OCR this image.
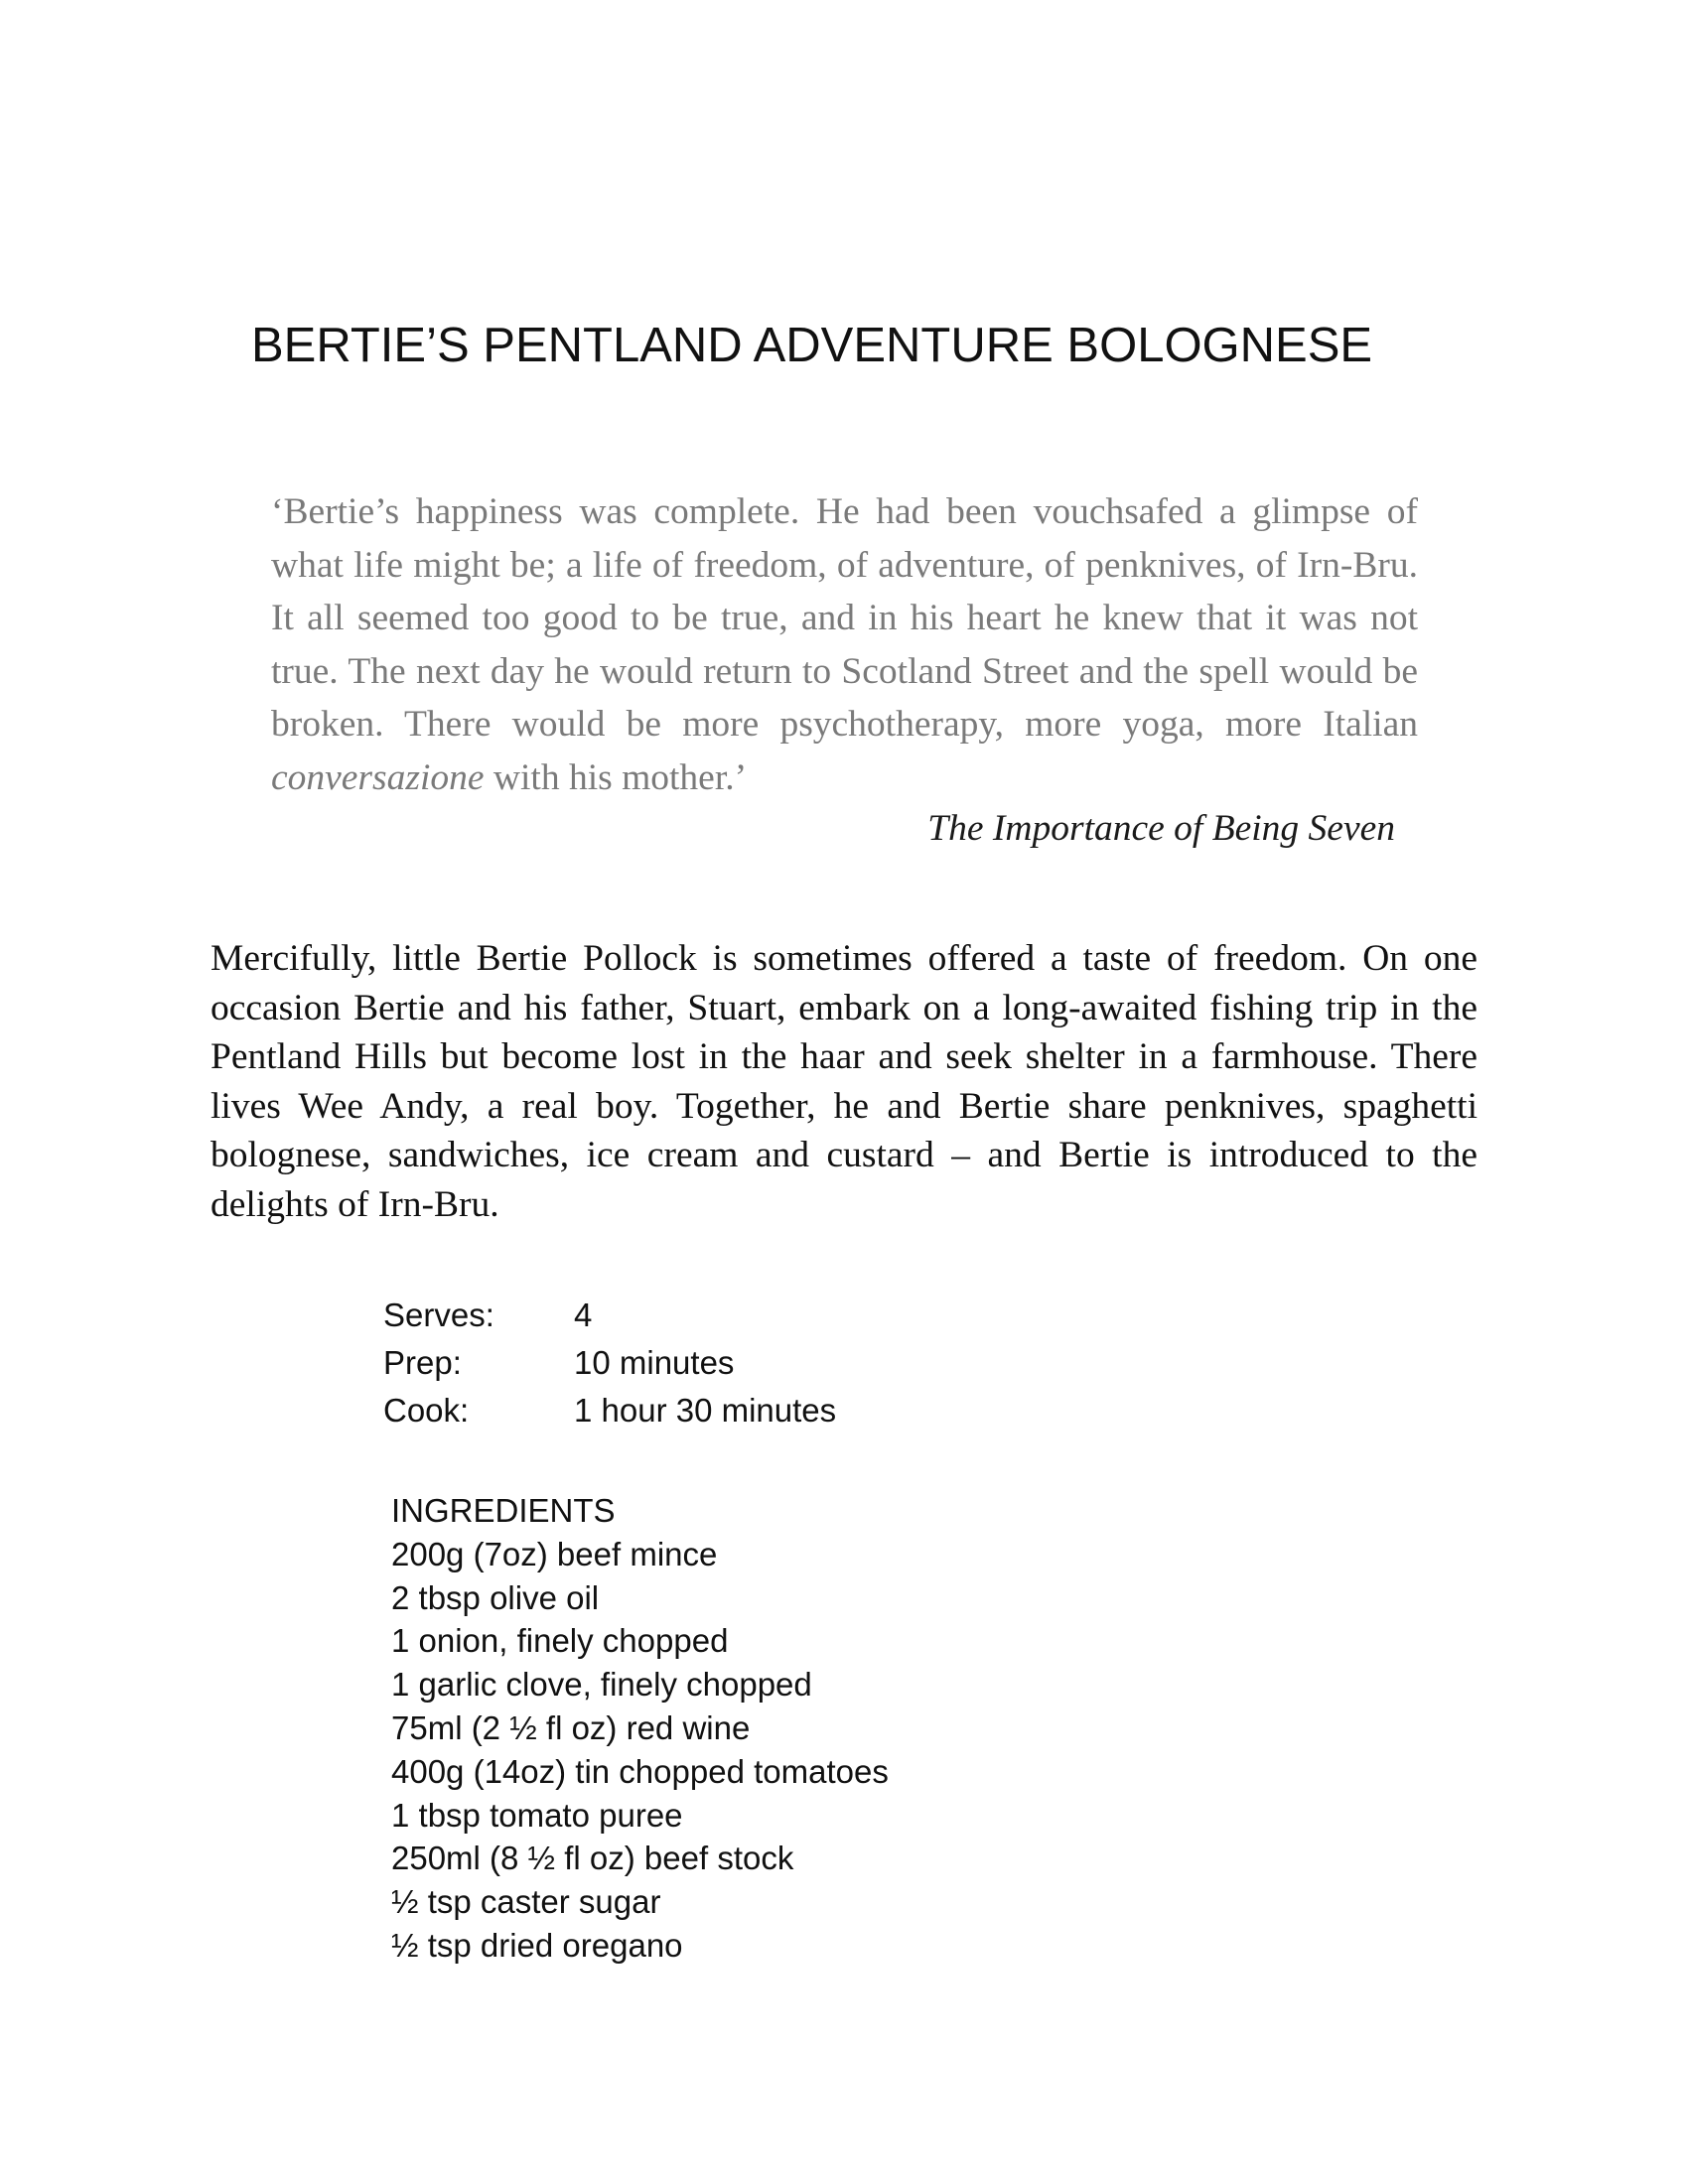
BERTIE’S PENTLAND ADVENTURE BOLOGNESE

‘Bertie’s happiness was complete. He had been vouchsafed a glimpse of what life might be; a life of freedom, of adventure, of penknives, of Irn-Bru. It all seemed too good to be true, and in his heart he knew that it was not true. The next day he would return to Scotland Street and the spell would be broken. There would be more psychotherapy, more yoga, more Italian conversazione with his mother.’

The Importance of Being Seven

Mercifully, little Bertie Pollock is sometimes offered a taste of freedom. On one occasion Bertie and his father, Stuart, embark on a long-awaited fishing trip in the Pentland Hills but become lost in the haar and seek shelter in a farmhouse. There lives Wee Andy, a real boy. Together, he and Bertie share penknives, spaghetti bolognese, sandwiches, ice cream and custard – and Bertie is introduced to the delights of Irn-Bru.

Serves:	4
Prep:	10 minutes
Cook:	1 hour 30 minutes
INGREDIENTS
200g (7oz) beef mince
2 tbsp olive oil
1 onion, finely chopped
1 garlic clove, finely chopped
75ml (2 ½ fl oz) red wine
400g (14oz) tin chopped tomatoes
1 tbsp tomato puree
250ml (8 ½ fl oz) beef stock
½ tsp caster sugar
½ tsp dried oregano
